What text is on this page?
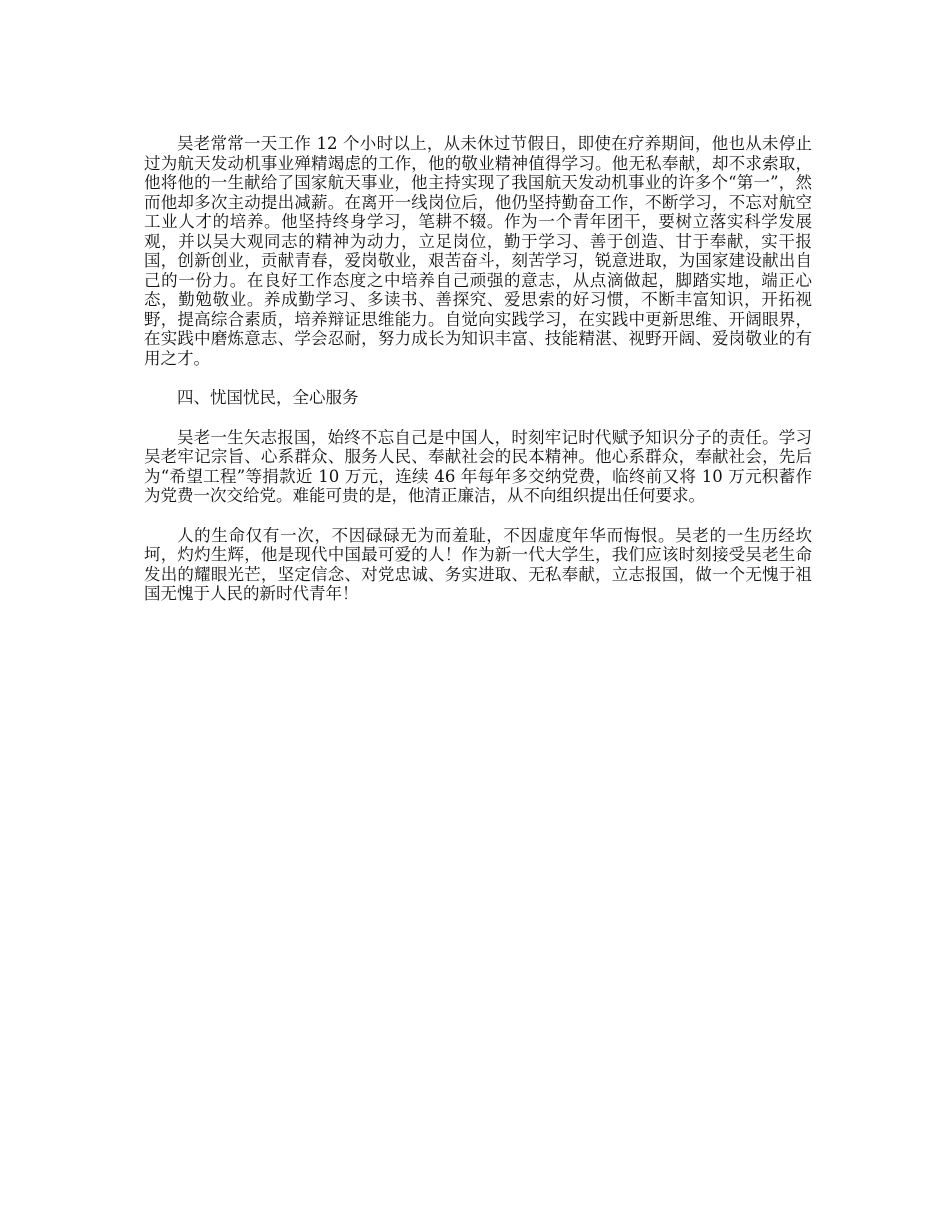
吴老常常一天工作 12 个小时以上，从未休过节假日，即使在疗养期间，他也从未停止过为航天发动机事业殚精竭虑的工作，他的敬业精神值得学习。他无私奉献，却不求索取，他将他的一生献给了国家航天事业，他主持实现了我国航天发动机事业的许多个“第一”，然而他却多次主动提出减薪。在离开一线岗位后，他仍坚持勤奋工作，不断学习，不忘对航空工业人才的培养。他坚持终身学习，笔耕不辍。作为一个青年团干，要树立落实科学发展观，并以吴大观同志的精神为动力，立足岗位，勤于学习、善于创造、甘于奉献，实干报国，创新创业，贡献青春，爱岗敬业，艰苦奋斗，刻苦学习，锐意进取，为国家建设献出自己的一份力。在良好工作态度之中培养自己顽强的意志，从点滴做起，脚踏实地，端正心态，勤勉敬业。养成勤学习、多读书、善探究、爱思索的好习惯，不断丰富知识，开拓视野，提高综合素质，培养辩证思维能力。自觉向实践学习，在实践中更新思维、开阔眼界，在实践中磨炼意志、学会忍耐，努力成长为知识丰富、技能精湛、视野开阔、爱岗敬业的有用之才。

四、忧国忧民，全心服务

吴老一生矢志报国，始终不忘自己是中国人，时刻牢记时代赋予知识分子的责任。学习吴老牢记宗旨、心系群众、服务人民、奉献社会的民本精神。他心系群众，奉献社会，先后为“希望工程”等捐款近 10 万元，连续 46 年每年多交纳党费，临终前又将 10 万元积蓄作为党费一次交给党。难能可贵的是，他清正廉洁，从不向组织提出任何要求。

人的生命仅有一次，不因碌碌无为而羞耻，不因虚度年华而悔恨。吴老的一生历经坎坷，灼灼生辉，他是现代中国最可爱的人！作为新一代大学生，我们应该时刻接受吴老生命发出的耀眼光芒，坚定信念、对党忠诚、务实进取、无私奉献，立志报国，做一个无愧于祖国无愧于人民的新时代青年！
